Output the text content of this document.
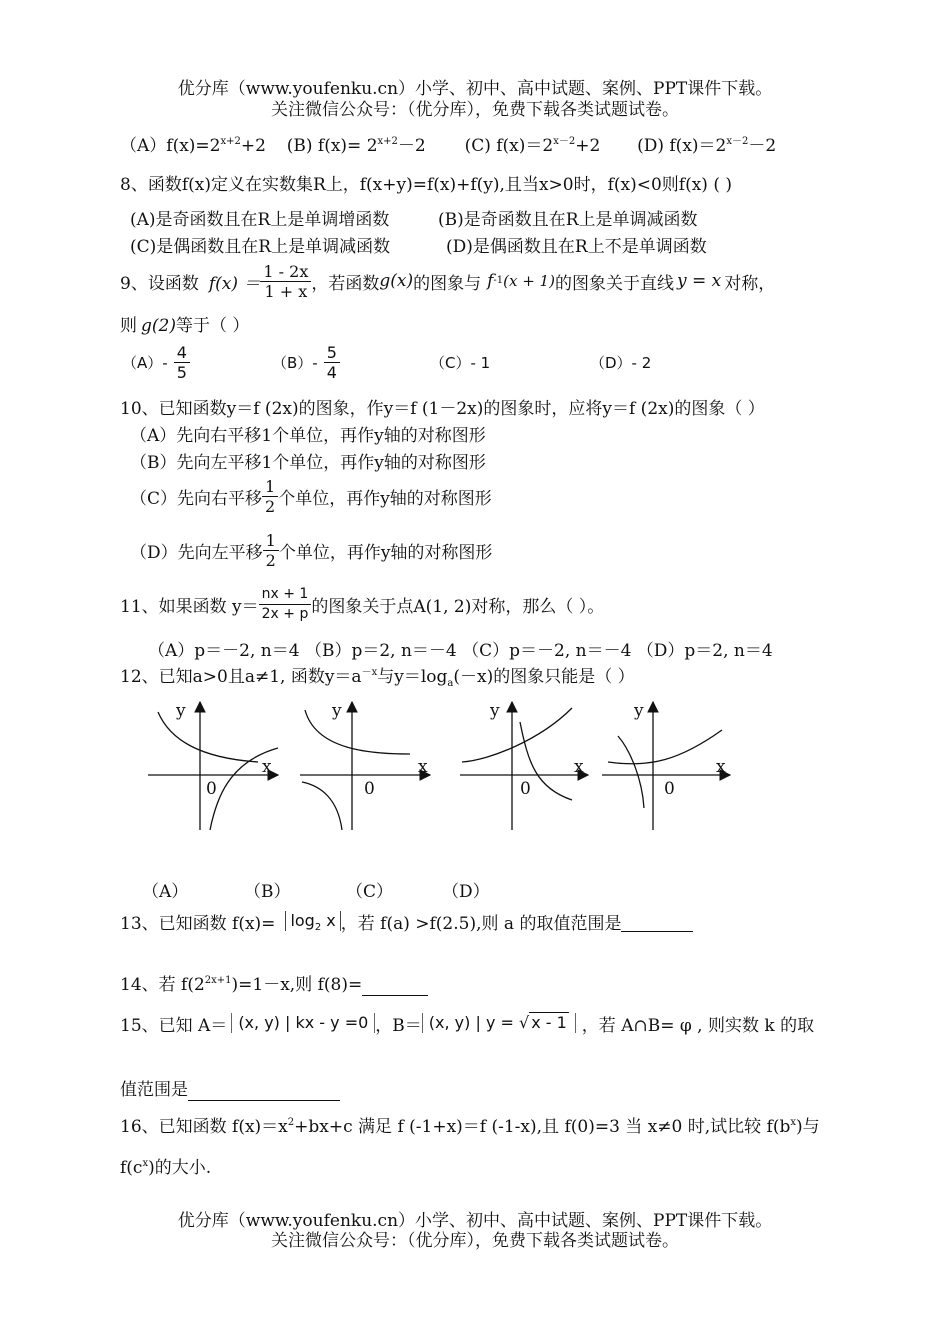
优分库（www.youfenku.cn）小学、初中、高中试题、案例、PPT课件下载。
关注微信公众号：（优分库），免费下载各类试题试卷。
$(A)f(x)=2^{x+2}+2$ (B) $f(x)= 2^{x+2}-2$ (C) $f(x)=2^{x-2}+2$ (D) $f(x)=2^{x-2}-2$
8、函数f(x)定义在实数集R上，f(x+y)=f(x)+f(y),且当x>0时，f(x)<0则f(x) ( )
(A)是奇函数且在R上是单调增函数	(B)是奇函数且在R上是单调减函数
(C)是偶函数且在R上是单调减函数	(D)是偶函数且在R上不是单调函数
9、设函数 $f(x) = \frac{1 - 2x}{1 + x}$ ，若函数 g(x) 的图象与 f -1 (x + 1) 的图象关于直线 y = x 对称，
则 g(2)等于（ ）
$(A)- \frac{4}{5}$	$(B)- \frac{5}{4}$	（C）- 1	（D）- 2
10、已知函数y＝f (2x)的图象，作y＝f (1－2x)的图象时，应将y＝f (2x)的图象（ ）
（A）先向右平移1个单位，再作y轴的对称图形
（B）先向左平移1个单位，再作y轴的对称图形
（C）先向右平移 $\frac{1}{2}$ 个单位，再作y轴的对称图形
（D）先向左平移 $\frac{1}{2}$ 个单位，再作y轴的对称图形
11、如果函数 $y= \frac{nx + 1}{2x + p}$ 的图象关于点A(1, 2)对称，那么（ ）。
（A）p＝－2, n＝4 （B）p＝2, n＝－4 （C）p＝－2, n＝－4 （D）p＝2, n＝4
12、已知a>0且a≠1, 函数$y=a^{-x}$与$y=\log_a(-x)$的图象只能是（ ）
y
x
0
y
x
0
y
x
0
y
x
0
（A）	（B）	（C）	（D）
13、已知函数 $f(x)= \log_2 x$ ，若 f(a) >f(2.5),则 a 的取值范围是

14、若 $f(2^{2x+1})=1-x$,则 f(8)=
15、已知 A＝ (x, y) | kx - y =0 ，B＝ (x, y) | y = √ x - 1 ，若 A∩B= φ , 则实数 k 的取
值范围是
16、已知函数 $f(x)=x^2+bx+c$ 满足 f (-1+x)＝f (-1-x),且 f(0)=3 当 x≠0 时,试比较 $f(b^x)$与
$f(c^x)$的大小.
优分库（www.youfenku.cn）小学、初中、高中试题、案例、PPT课件下载。
关注微信公众号：（优分库），免费下载各类试题试卷。
